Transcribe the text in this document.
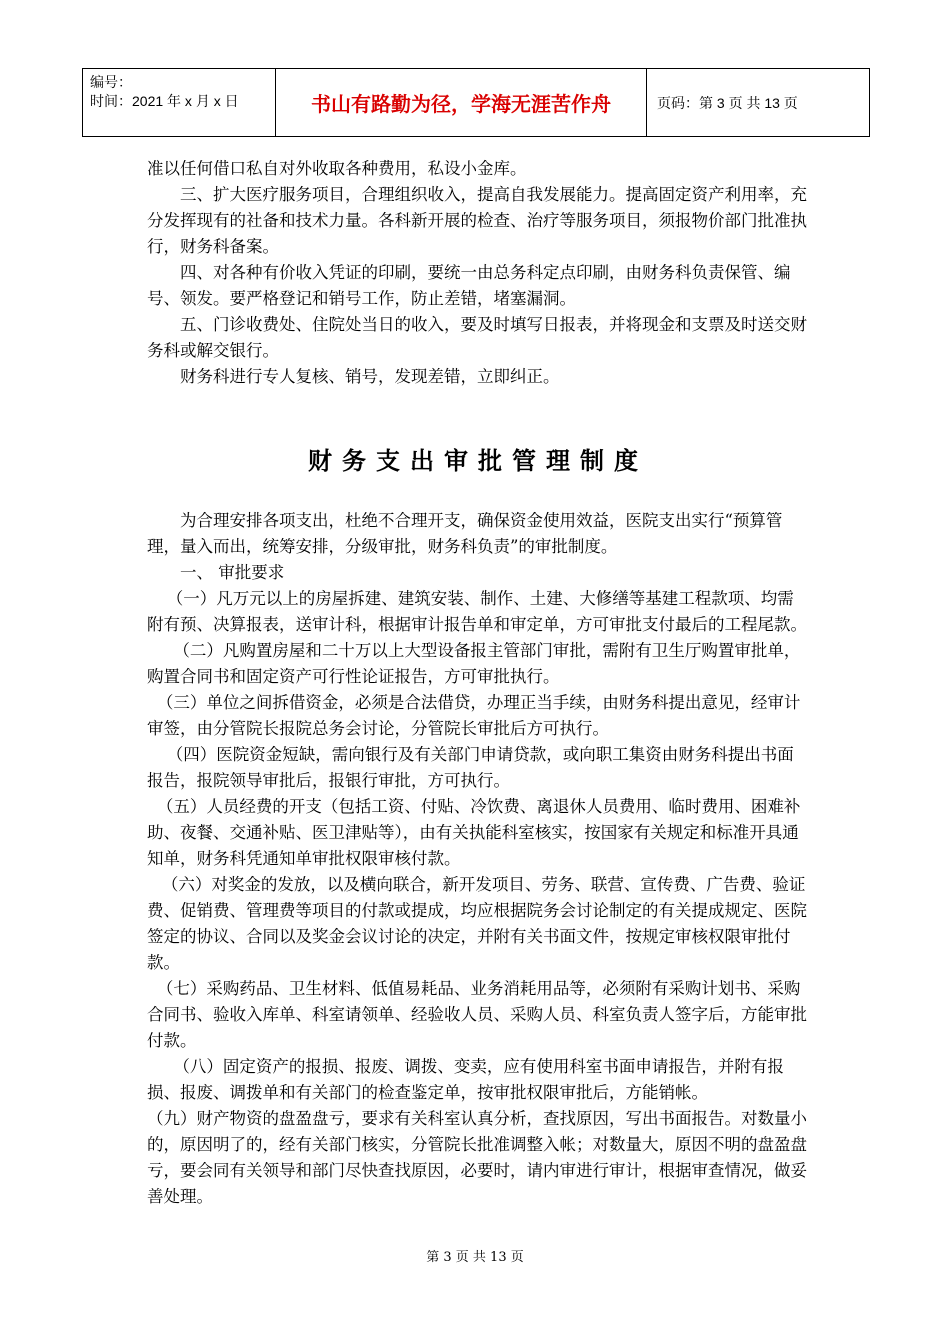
编号：
时间：2021 年 x 月 x 日	书山有路勤为径，学海无涯苦作舟	页码：第 3 页 共 13 页

准以任何借口私自对外收取各种费用，私设小金库。

三、扩大医疗服务项目，合理组织收入，提高自我发展能力。提高固定资产利用率，充分发挥现有的社备和技术力量。各科新开展的检查、治疗等服务项目，须报物价部门批准执行，财务科备案。

四、对各种有价收入凭证的印刷，要统一由总务科定点印刷，由财务科负责保管、编号、领发。要严格登记和销号工作，防止差错，堵塞漏洞。

五、门诊收费处、住院处当日的收入，要及时填写日报表，并将现金和支票及时送交财务科或解交银行。

财务科进行专人复核、销号，发现差错，立即纠正。

财务支出审批管理制度

为合理安排各项支出，杜绝不合理开支，确保资金使用效益，医院支出实行“预算管理，量入而出，统筹安排，分级审批，财务科负责”的审批制度。

一、 审批要求

（一）凡万元以上的房屋拆建、建筑安装、制作、土建、大修缮等基建工程款项、均需附有预、决算报表，送审计科，根据审计报告单和审定单，方可审批支付最后的工程尾款。

（二）凡购置房屋和二十万以上大型设备报主管部门审批，需附有卫生厅购置审批单，购置合同书和固定资产可行性论证报告，方可审批执行。

（三）单位之间拆借资金，必须是合法借贷，办理正当手续，由财务科提出意见，经审计审签，由分管院长报院总务会讨论，分管院长审批后方可执行。

（四）医院资金短缺，需向银行及有关部门申请贷款，或向职工集资由财务科提出书面报告，报院领导审批后，报银行审批，方可执行。

（五）人员经费的开支（包括工资、付贴、冷饮费、离退休人员费用、临时费用、困难补助、夜餐、交通补贴、医卫津贴等），由有关执能科室核实，按国家有关规定和标准开具通知单，财务科凭通知单审批权限审核付款。

（六）对奖金的发放，以及横向联合，新开发项目、劳务、联营、宣传费、广告费、验证费、促销费、管理费等项目的付款或提成，均应根据院务会讨论制定的有关提成规定、医院签定的协议、合同以及奖金会议讨论的决定，并附有关书面文件，按规定审核权限审批付款。

（七）采购药品、卫生材料、低值易耗品、业务消耗用品等，必须附有采购计划书、采购合同书、验收入库单、科室请领单、经验收人员、采购人员、科室负责人签字后，方能审批付款。

（八）固定资产的报损、报废、调拨、变卖，应有使用科室书面申请报告，并附有报损、报废、调拨单和有关部门的检查鉴定单，按审批权限审批后，方能销帐。

（九）财产物资的盘盈盘亏，要求有关科室认真分析，查找原因，写出书面报告。对数量小的，原因明了的，经有关部门核实，分管院长批准调整入帐；对数量大，原因不明的盘盈盘亏，要会同有关领导和部门尽快查找原因，必要时，请内审进行审计，根据审查情况，做妥善处理。

第 3 页 共 13 页
